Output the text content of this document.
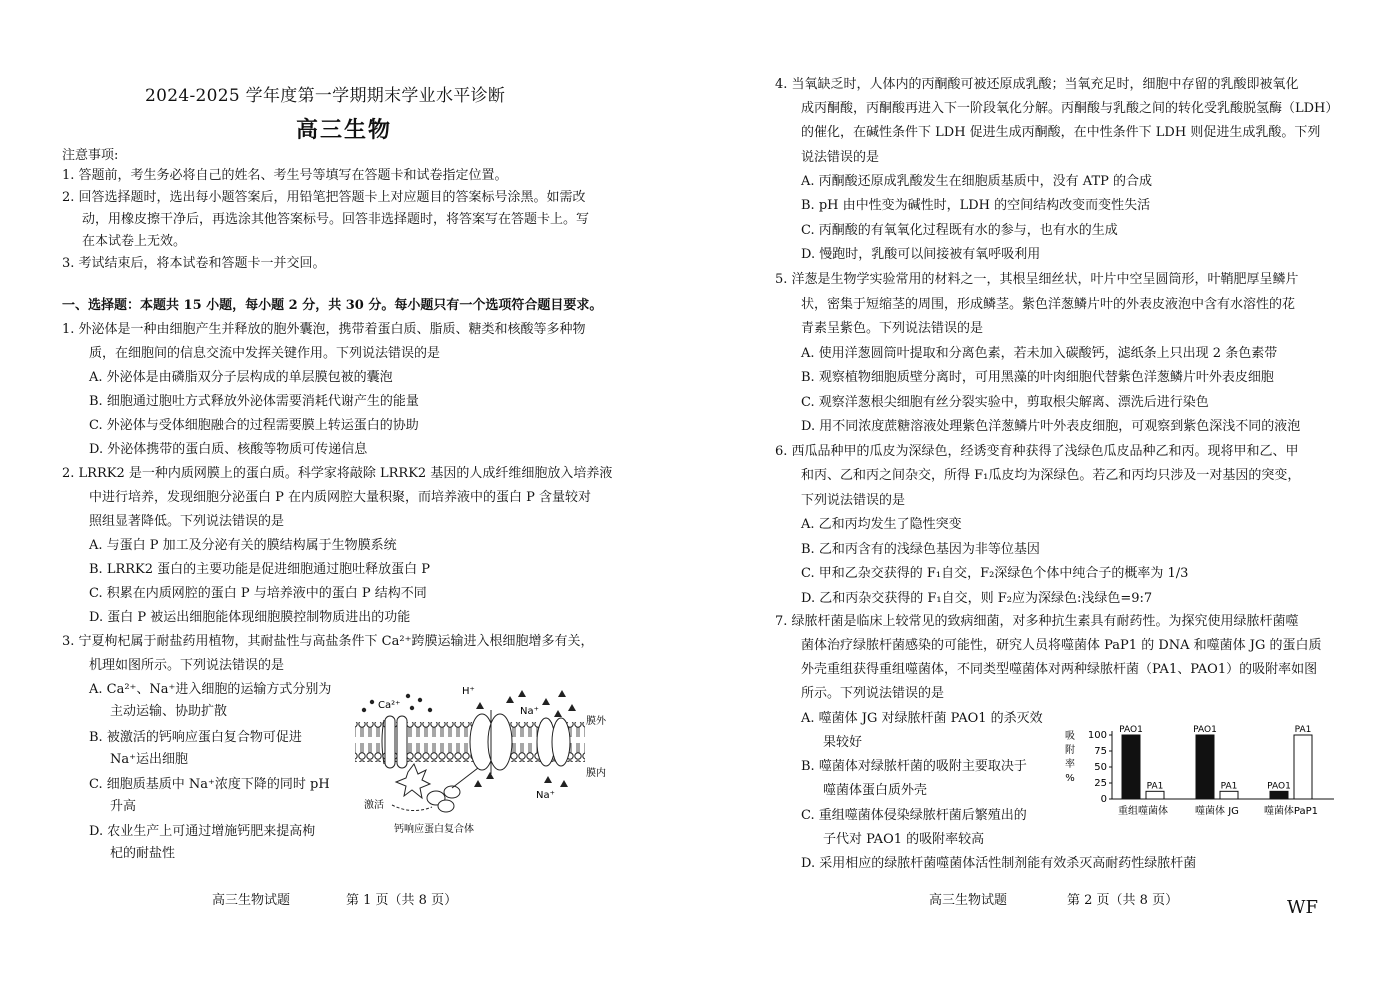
2024-2025 学年度第一学期期末学业水平诊断
高三生物
注意事项:
1. 答题前，考生务必将自己的姓名、考生号等填写在答题卡和试卷指定位置。
2. 回答选择题时，选出每小题答案后，用铅笔把答题卡上对应题目的答案标号涂黑。如需改
动，用橡皮擦干净后，再选涂其他答案标号。回答非选择题时，将答案写在答题卡上。写
在本试卷上无效。
3. 考试结束后，将本试卷和答题卡一并交回。
一、选择题：本题共 15 小题，每小题 2 分，共 30 分。每小题只有一个选项符合题目要求。
1. 外泌体是一种由细胞产生并释放的胞外囊泡，携带着蛋白质、脂质、糖类和核酸等多种物
质，在细胞间的信息交流中发挥关键作用。下列说法错误的是
A. 外泌体是由磷脂双分子层构成的单层膜包被的囊泡
B. 细胞通过胞吐方式释放外泌体需要消耗代谢产生的能量
C. 外泌体与受体细胞融合的过程需要膜上转运蛋白的协助
D. 外泌体携带的蛋白质、核酸等物质可传递信息
2. LRRK2 是一种内质网膜上的蛋白质。科学家将敲除 LRRK2 基因的人成纤维细胞放入培养液
中进行培养，发现细胞分泌蛋白 P 在内质网腔大量积聚，而培养液中的蛋白 P 含量较对
照组显著降低。下列说法错误的是
A. 与蛋白 P 加工及分泌有关的膜结构属于生物膜系统
B. LRRK2 蛋白的主要功能是促进细胞通过胞吐释放蛋白 P
C. 积累在内质网腔的蛋白 P 与培养液中的蛋白 P 结构不同
D. 蛋白 P 被运出细胞能体现细胞膜控制物质进出的功能
3. 宁夏枸杞属于耐盐药用植物，其耐盐性与高盐条件下 Ca²⁺跨膜运输进入根细胞增多有关，
机理如图所示。下列说法错误的是
A. Ca²⁺、Na⁺进入细胞的运输方式分别为
主动运输、协助扩散
B. 被激活的钙响应蛋白复合物可促进
Na⁺运出细胞
C. 细胞质基质中 Na⁺浓度下降的同时 pH
升高
D. 农业生产上可通过增施钙肥来提高枸
杞的耐盐性
Ca²⁺
H⁺
Na⁺
膜外
膜内
Na⁺
激活
钙响应蛋白复合体
高三生物试题	第 1 页（共 8 页）
4. 当氧缺乏时，人体内的丙酮酸可被还原成乳酸；当氧充足时，细胞中存留的乳酸即被氧化
成丙酮酸，丙酮酸再进入下一阶段氧化分解。丙酮酸与乳酸之间的转化受乳酸脱氢酶（LDH）
的催化，在碱性条件下 LDH 促进生成丙酮酸，在中性条件下 LDH 则促进生成乳酸。下列
说法错误的是
A. 丙酮酸还原成乳酸发生在细胞质基质中，没有 ATP 的合成
B. pH 由中性变为碱性时，LDH 的空间结构改变而变性失活
C. 丙酮酸的有氧氧化过程既有水的参与，也有水的生成
D. 慢跑时，乳酸可以间接被有氧呼吸利用
5. 洋葱是生物学实验常用的材料之一，其根呈细丝状，叶片中空呈圆筒形，叶鞘肥厚呈鳞片
状，密集于短缩茎的周围，形成鳞茎。紫色洋葱鳞片叶的外表皮液泡中含有水溶性的花
青素呈紫色。下列说法错误的是
A. 使用洋葱圆筒叶提取和分离色素，若未加入碳酸钙，滤纸条上只出现 2 条色素带
B. 观察植物细胞质壁分离时，可用黑藻的叶肉细胞代替紫色洋葱鳞片叶外表皮细胞
C. 观察洋葱根尖细胞有丝分裂实验中，剪取根尖解离、漂洗后进行染色
D. 用不同浓度蔗糖溶液处理紫色洋葱鳞片叶外表皮细胞，可观察到紫色深浅不同的液泡
6. 西瓜品种甲的瓜皮为深绿色，经诱变育种获得了浅绿色瓜皮品种乙和丙。现将甲和乙、甲
和丙、乙和丙之间杂交，所得 F₁瓜皮均为深绿色。若乙和丙均只涉及一对基因的突变，
下列说法错误的是
A. 乙和丙均发生了隐性突变
B. 乙和丙含有的浅绿色基因为非等位基因
C. 甲和乙杂交获得的 F₁自交，F₂深绿色个体中纯合子的概率为 1/3
D. 乙和丙杂交获得的 F₁自交，则 F₂应为深绿色:浅绿色=9:7
7. 绿脓杆菌是临床上较常见的致病细菌，对多种抗生素具有耐药性。为探究使用绿脓杆菌噬
菌体治疗绿脓杆菌感染的可能性，研究人员将噬菌体 PaP1 的 DNA 和噬菌体 JG 的蛋白质
外壳重组获得重组噬菌体，不同类型噬菌体对两种绿脓杆菌（PA1、PAO1）的吸附率如图
所示。下列说法错误的是
A. 噬菌体 JG 对绿脓杆菌 PAO1 的杀灭效
果较好
B. 噬菌体对绿脓杆菌的吸附主要取决于
噬菌体蛋白质外壳
C. 重组噬菌体侵染绿脓杆菌后繁殖出的
子代对 PAO1 的吸附率较高
D. 采用相应的绿脓杆菌噬菌体活性制剂能有效杀灭高耐药性绿脓杆菌
吸
附
率
%
0
25
50
75
100 PAO1
PA1
PAO1
PA1	PAO1
PA1
重组噬菌体	噬菌体 JG	噬菌体PaP1
高三生物试题	第 2 页（共 8 页）	WF
